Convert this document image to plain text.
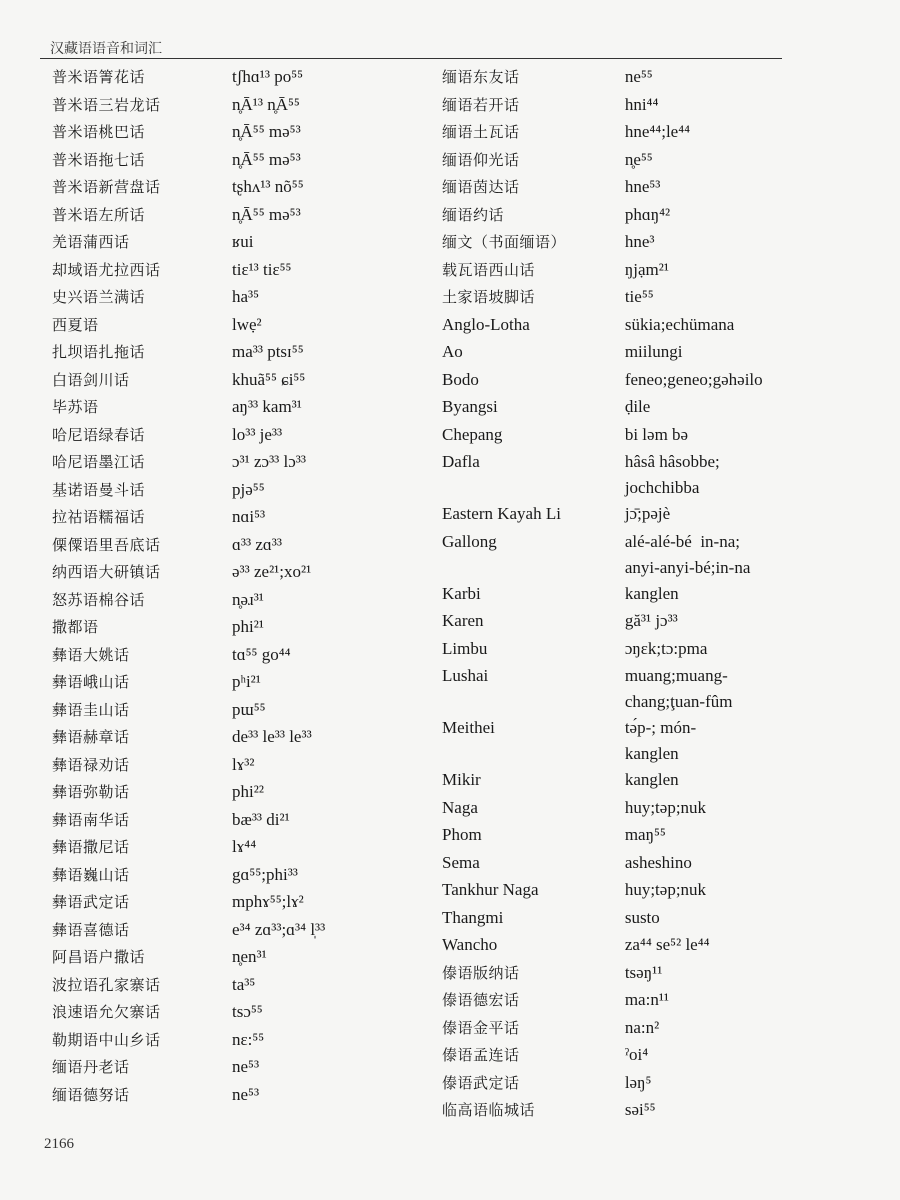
汉藏语语音和词汇
普米语箐花话	tʃhɑ¹³ po⁵⁵
普米语三岩龙话	n̥Ā¹³ n̥Ā⁵⁵
普米语桃巴话	n̥Ā⁵⁵ mə⁵³
普米语拖七话	n̥Ā⁵⁵ mə⁵³
普米语新营盘话	tʂhʌ¹³ nõ⁵⁵
普米语左所话	n̥Ā⁵⁵ mə⁵³
羌语蒲西话	ʁui
却域语尤拉西话	tiɛ¹³ tiɛ⁵⁵
史兴语兰满话	ha³⁵
西夏语	lwẹ²
扎坝语扎拖话	ma³³ ptsɪ⁵⁵
白语剑川话	khuã⁵⁵ ɕi⁵⁵
毕苏语	aŋ³³ kam³¹
哈尼语绿春话	lo³³ je³³
哈尼语墨江话	ɔ³¹ zɔ³³ lɔ³³
基诺语曼斗话	pjə⁵⁵
拉祜语糯福话	nɑi⁵³
傈僳语里吾底话	ɑ³³ zɑ³³
纳西语大研镇话	ə³³ ze²¹;xo²¹
怒苏语棉谷话	n̥əɹ³¹
撒都语	phi²¹
彝语大姚话	tɑ⁵⁵ go⁴⁴
彝语峨山话	pʰi²¹
彝语圭山话	pɯ⁵⁵
彝语赫章话	de³³ le³³ le³³
彝语禄劝话	lɤ³²
彝语弥勒话	phi²²
彝语南华话	bæ³³ di²¹
彝语撒尼话	lɤ⁴⁴
彝语巍山话	gɑ⁵⁵;phi³³
彝语武定话	mphɤ⁵⁵;lɤ²
彝语喜德话	e³⁴ zɑ³³;ɑ³⁴ l̩³³
阿昌语户撒话	n̥en³¹
波拉语孔家寨话	ta³⁵
浪速语允欠寨话	tsɔ⁵⁵
勒期语中山乡话	nɛ:⁵⁵
缅语丹老话	ne⁵³
缅语德努话	ne⁵³
缅语东友话	ne⁵⁵
缅语若开话	hni⁴⁴
缅语土瓦话	hne⁴⁴;le⁴⁴
缅语仰光话	n̥e⁵⁵
缅语茵达话	hne⁵³
缅语约话	phɑŋ⁴²
缅文（书面缅语）	hne³
载瓦语西山话	ŋjạm²¹
土家语坡脚话	tie⁵⁵
Anglo-Lotha	sükia;echümana
Ao	miilungi
Bodo	feneo;geneo;gəhəilo
Byangsi	ḍile
Chepang	bi ləm bə
Dafla	hâsâ hâsobbe;
jochchibba
Eastern Kayah Li	jɔ̄;pəjè
Gallong	alé-alé-bé  in-na;
anyi-anyi-bé;in-na
Karbi	kanglen
Karen	gă³¹ jɔ³³
Limbu	ɔŋɛk;tɔ:pma
Lushai	muang;muang-
chang;ţuan-fûm
Meithei	tə́p-; món-
kanglen
Mikir	kanglen
Naga	huy;təp;nuk
Phom	maŋ⁵⁵
Sema	asheshino
Tankhur Naga	huy;tәp;nuk
Thangmi	susto
Wancho	za⁴⁴ se⁵² le⁴⁴
傣语版纳话	tsəŋ¹¹
傣语德宏话	ma:n¹¹
傣语金平话	na:n²
傣语孟连话	ˀoi⁴
傣语武定话	ləŋ⁵
临高语临城话	səi⁵⁵
2166
